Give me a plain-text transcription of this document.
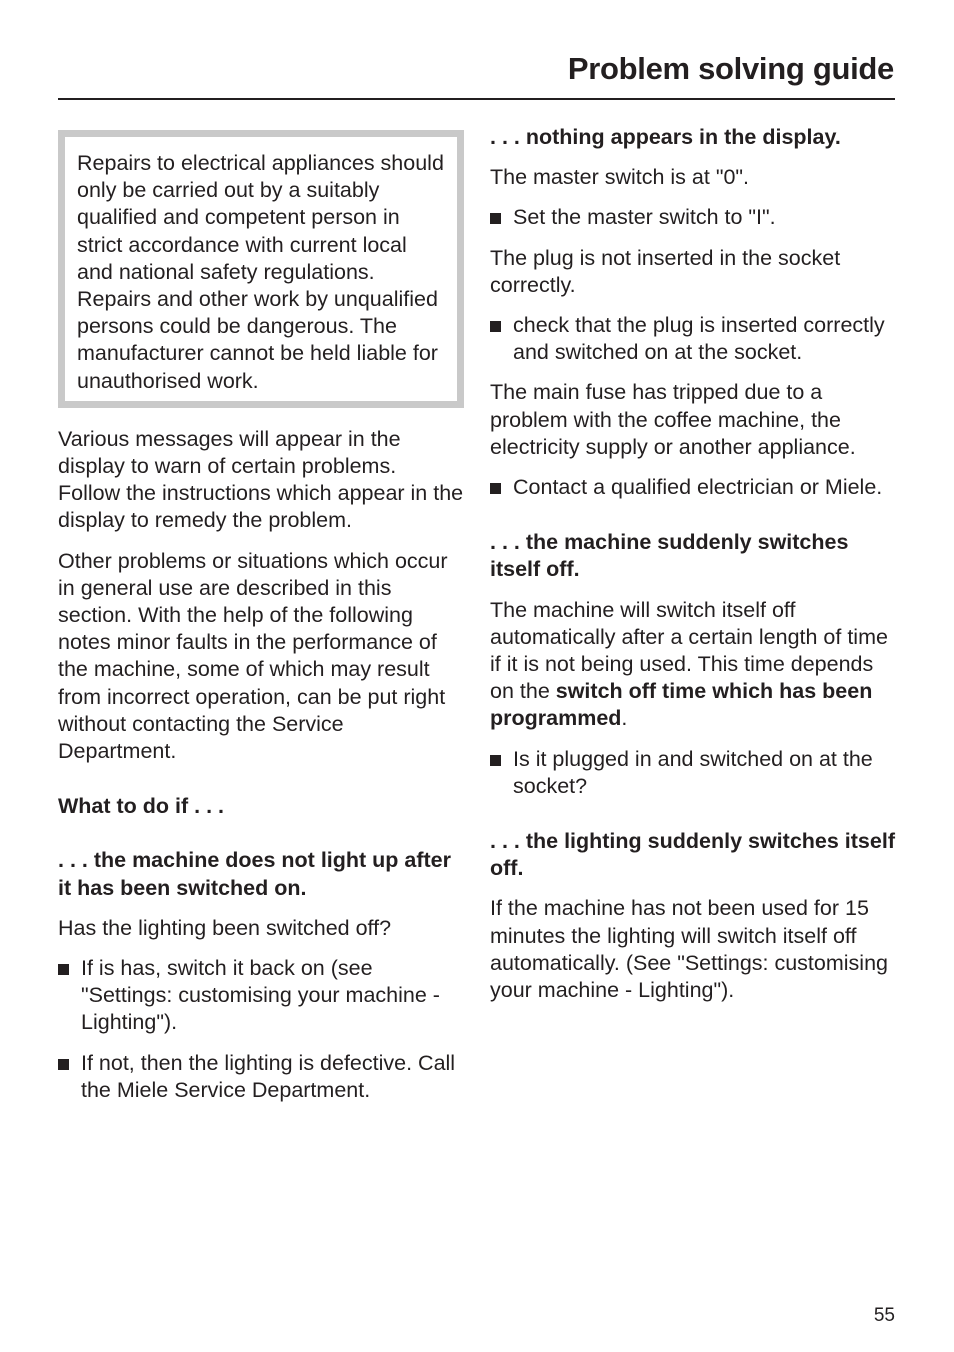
Problem solving guide

Repairs to electrical appliances should only be carried out by a suitably qualified and competent person in strict accordance with current local and national safety regulations. Repairs and other work by unqualified persons could be dangerous. The manufacturer cannot be held liable for unauthorised work.

Various messages will appear in the display to warn of certain problems. Follow the instructions which appear in the display to remedy the problem.

Other problems or situations which occur in general use are described in this section. With the help of the following notes minor faults in the performance of the machine, some of which may result from incorrect operation, can be put right without contacting the Service Department.

What to do if . . .

. . . the machine does not light up after it has been switched on.

Has the lighting been switched off?

If is has, switch it back on (see "Settings: customising your machine - Lighting").

If not, then the lighting is defective. Call the Miele Service Department.

. . . nothing appears in the display.

The master switch is at "0".

Set the master switch to "I".

The plug is not inserted in the socket correctly.

check that the plug is inserted correctly and switched on at the socket.

The main fuse has tripped due to a problem with the coffee machine, the electricity supply or another appliance.

Contact a qualified electrician or Miele.

. . . the machine suddenly switches itself off.

The machine will switch itself off automatically after a certain length of time if it is not being used. This time depends on the switch off time which has been programmed.

Is it plugged in and switched on at the socket?

. . . the lighting suddenly switches itself off.

If the machine has not been used for 15 minutes the lighting will switch itself off automatically. (See "Settings: customising your machine - Lighting").

55
